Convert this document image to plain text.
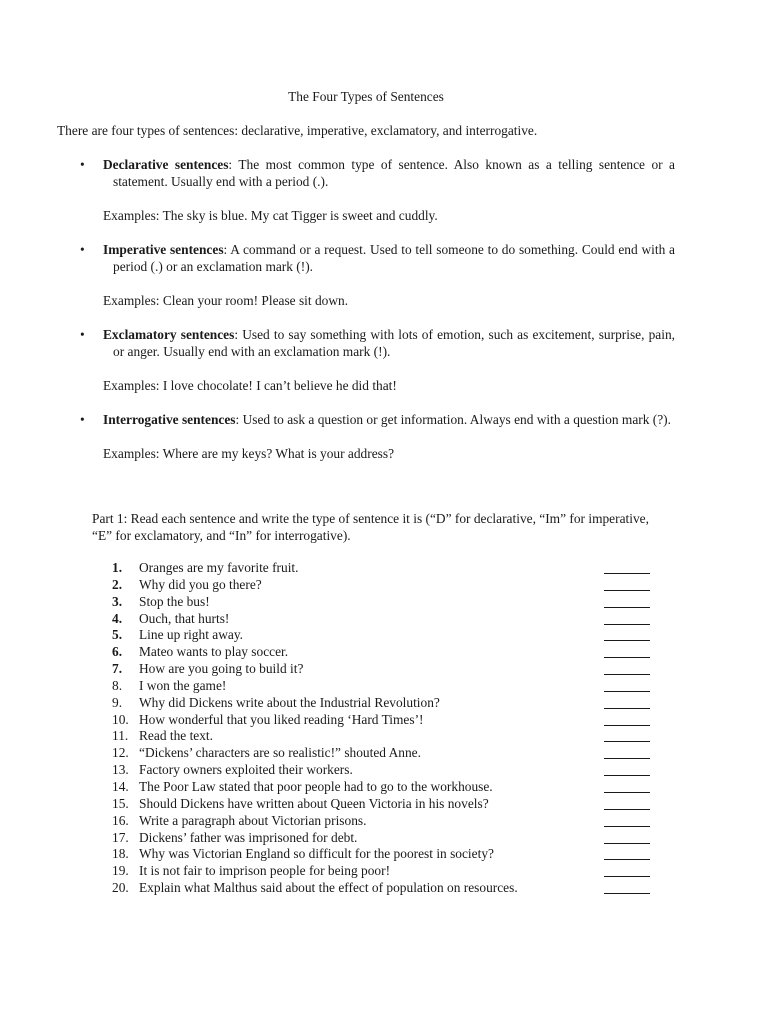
The Four Types of Sentences
There are four types of sentences: declarative, imperative, exclamatory, and interrogative.
•	Declarative sentences: The most common type of sentence. Also known as a telling sentence or a statement. Usually end with a period (.).
Examples: The sky is blue. My cat Tigger is sweet and cuddly.
•	Imperative sentences: A command or a request. Used to tell someone to do something. Could end with a period (.) or an exclamation mark (!).
Examples: Clean your room! Please sit down.
•	Exclamatory sentences: Used to say something with lots of emotion, such as excitement, surprise, pain, or anger. Usually end with an exclamation mark (!).
Examples: I love chocolate! I can’t believe he did that!
•	Interrogative sentences: Used to ask a question or get information. Always end with a question mark (?).
Examples: Where are my keys? What is your address?
Part 1: Read each sentence and write the type of sentence it is (“D” for declarative, “Im” for imperative, “E” for exclamatory, and “In” for interrogative).
1.	Oranges are my favorite fruit.
2.	Why did you go there?
3.	Stop the bus!
4.	Ouch, that hurts!
5.	Line up right away.
6.	Mateo wants to play soccer.
7.	How are you going to build it?
8.	I won the game!
9.	Why did Dickens write about the Industrial Revolution?
10. How wonderful that you liked reading ‘Hard Times’!
11. Read the text.
12. “Dickens’ characters are so realistic!” shouted Anne.
13. Factory owners exploited their workers.
14. The Poor Law stated that poor people had to go to the workhouse.
15. Should Dickens have written about Queen Victoria in his novels?
16. Write a paragraph about Victorian prisons.
17. Dickens’ father was imprisoned for debt.
18. Why was Victorian England so difficult for the poorest in society?
19. It is not fair to imprison people for being poor!
20. Explain what Malthus said about the effect of population on resources.
